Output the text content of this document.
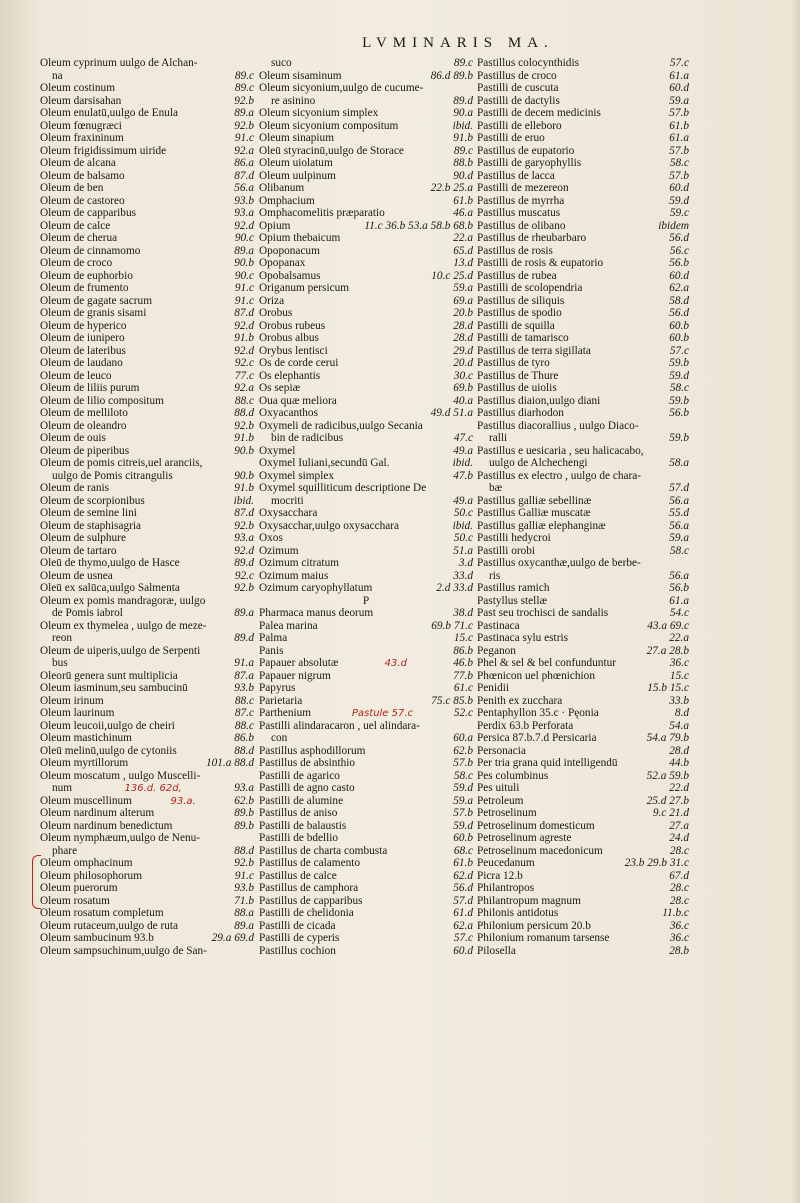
LVMINARIS MA.
Oleum cyprinum uulgo de Alchan-
na	89.c
Oleum costinum	89.c
Oleum darsisahan	92.b
Oleum enulatū,uulgo de Enula	89.a
Oleum fœnugræci	92.b
Oleum fraxininum	91.c
Oleum frigidissimum uiride	92.a
Oleum de alcana	86.a
Oleum de balsamo	87.d
Oleum de ben	56.a
Oleum de castoreo	93.b
Oleum de capparibus	93.a
Oleum de calce	92.d
Oleum de cherua	90.c
Oleum de cinnamomo	89.a
Oleum de croco	90.b
Oleum de euphorbio	90.c
Oleum de frumento	91.c
Oleum de gagate sacrum	91.c
Oleum de granis sisami	87.d
Oleum de hyperico	92.d
Oleum de iunipero	91.b
Oleum de lateribus	92.d
Oleum de laudano	92.c
Oleum de leuco	77.c
Oleum de liliis purum	92.a
Oleum de lilio compositum	88.c
Oleum de melliloto	88.d
Oleum de oleandro	92.b
Oleum de ouis	91.b
Oleum de piperibus	90.b
Oleum de pomis citreis,uel aranciis,
uulgo de Pomis citrangulis	90.b
Oleum de ranis	91.b
Oleum de scorpionibus	ibid.
Oleum de semine lini	87.d
Oleum de staphisagria	92.b
Oleum de sulphure	93.a
Oleum de tartaro	92.d
Oleū de thymo,uulgo de Hasce	89.d
Oleum de usnea	92.c
Oleū ex salūca,uulgo Salmenta	92.b
Oleum ex pomis mandragoræ, uulgo
de Pomis iabrol	89.a
Oleum ex thymelea , uulgo de meze-
reon	89.d
Oleum de uiperis,uulgo de Serpenti
bus	91.a
Oleorū genera sunt multiplicia	87.a
Oleum iasminum,seu sambucinū	93.b
Oleum irinum	88.c
Oleum laurinum	87.c
Oleum leucoii,uulgo de cheiri	88.c
Oleum mastichinum	86.b
Oleū melinū,uulgo de cytoniis	88.d
Oleum myrtillorum	101.a 88.d
Oleum moscatum , uulgo Muscelli-
num	136.d. 62d,	93.a
Oleum muscellinum	93.a.	62.b
Oleum nardinum alterum	89.b
Oleum nardinum benedictum	89.b
Oleum nymphæum,uulgo de Nenu-
phare	88.d
Oleum omphacinum	92.b
Oleum philosophorum	91.c
Oleum puerorum	93.b
Oleum rosatum	71.b
Oleum rosatum completum	88.a
Oleum rutaceum,uulgo de ruta	89.a
Oleum sambucinum 93.b	29.a 69.d
Oleum sampsuchinum,uulgo de San-
suco	89.c
Oleum sisaminum	86.d 89.b
Oleum sicyonium,uulgo de cucume-
re asinino	89.d
Oleum sicyonium simplex	90.a
Oleum sicyonium compositum	ibid.
Oleum sinapium	91.b
Oleū styracinū,uulgo de Storace	89.c
Oleum uiolatum	88.b
Oleum uulpinum	90.d
Olibanum	22.b 25.a
Omphacium	61.b
Omphacomelitis præparatio	46.a
Opium	11.c 36.b 53.a 58.b 68.b
Opium thebaicum	22.a
Opoponacum	65.d
Opopanax	13.d
Opobalsamus	10.c 25.d
Origanum persicum	59.a
Oriza	69.a
Orobus	20.b
Orobus rubeus	28.d
Orobus albus	28.d
Orybus lentisci	29.d
Os de corde cerui	20.d
Os elephantis	30.c
Os sepiæ	69.b
Oua quæ meliora	40.a
Oxyacanthos	49.d 51.a
Oxymeli de radicibus,uulgo Secania
bin de radicibus	47.c
Oxymel	49.a
Oxymel Iuliani,secundū Gal.	ibid.
Oxymel simplex	47.b
Oxymel squilliticum descriptione De
mocriti	49.a
Oxysacchara	50.c
Oxysacchar,uulgo oxysacchara	ibid.
Oxos	50.c
Ozimum	51.a
Ozimum citratum	3.d
Ozimum maius	33.d
Ozimum caryophyllatum	2.d 33.d
P
Pharmaca manus deorum	38.d
Palea marina	69.b 71.c
Palma	15.c
Panis	86.b
Papauer absolutæ	43.d	46.b
Papauer nigrum	77.b
Papyrus	61.c
Parietaria	75.c 85.b
Parthenium	Pastule 57.c	52.c
Pastilli alindaracaron , uel alindara-
con	60.a
Pastillus asphodillorum	62.b
Pastillus de absinthio	57.b
Pastilli de agarico	58.c
Pastilli de agno casto	59.d
Pastilli de alumine	59.a
Pastillus de aniso	57.b
Pastilli de balaustis	59.d
Pastilli de bdellio	60.b
Pastillus de charta combusta	68.c
Pastillus de calamento	61.b
Pastillus de calce	62.d
Pastillus de camphora	56.d
Pastillus de capparibus	57.d
Pastilli de chelidonia	61.d
Pastilli de cicada	62.a
Pastilli de cyperis	57.c
Pastillus cochion	60.d
Pastillus colocynthidis	57.c
Pastillus de croco	61.a
Pastilli de cuscuta	60.d
Pastilli de dactylis	59.a
Pastilli de decem medicinis	57.b
Pastilli de elleboro	61.b
Pastilli de eruo	61.a
Pastillus de eupatorio	57.b
Pastilli de garyophyllis	58.c
Pastillus de lacca	57.b
Pastilli de mezereon	60.d
Pastillus de myrrha	59.d
Pastillus muscatus	59.c
Pastillus de olibano	ibidem
Pastillus de rheubarbaro	56.d
Pastillus de rosis	56.c
Pastilli de rosis & eupatorio	56.b
Pastillus de rubea	60.d
Pastilli de scolopendria	62.a
Pastillus de siliquis	58.d
Pastillus de spodio	56.d
Pastilli de squilla	60.b
Pastilli de tamarisco	60.b
Pastillus de terra sigillata	57.c
Pastillus de tyro	59.b
Pastillus de Thure	59.d
Pastillus de uiolis	58.c
Pastillus diaion,uulgo diani	59.b
Pastillus diarhodon	56.b
Pastillus diacorallius , uulgo Diaco-
ralli	59.b
Pastillus e uesicaria , seu halicacabo,
uulgo de Alchechengi	58.a
Pastillus ex electro , uulgo de chara-
bæ	57.d
Pastillus galliæ sebellinæ	56.a
Pastillus Galliæ muscatæ	55.d
Pastillus galliæ elephanginæ	56.a
Pastilli hedycroi	59.a
Pastilli orobi	58.c
Pastillus oxycanthæ,uulgo de berbe-
ris	56.a
Pastillus ramich	56.b
Pastyllus stellæ	61.a
Past seu trochisci de sandalis	54.c
Pastinaca	43.a 69.c
Pastinaca sylu estris	22.a
Peganon	27.a 28.b
Phel & sel & bel confunduntur	36.c
Phœnicon uel phœnichion	15.c
Penidii	15.b 15.c
Penith ex zucchara	33.b
Pentaphyllon 35.c · Pęonia	8.d
Perdix 63.b Perforata	54.a
Persica 87.b.7.d Persicaria	54.a 79.b
Personacia	28.d
Per tria grana quid intelligendū	44.b
Pes columbinus	52.a 59.b
Pes uituli	22.d
Petroleum	25.d 27.b
Petroselinum	9.c 21.d
Petroselinum domesticum	27.a
Petroselinum agreste	24.d
Petroselinum macedonicum	28.c
Peucedanum	23.b 29.b 31.c
Picra 12.b	67.d
Philantropos	28.c
Philantropum magnum	28.c
Philonis antidotus	11.b.c
Philonium persicum 20.b	36.c
Philonium romanum tarsense	36.c
Pilosella	28.b
